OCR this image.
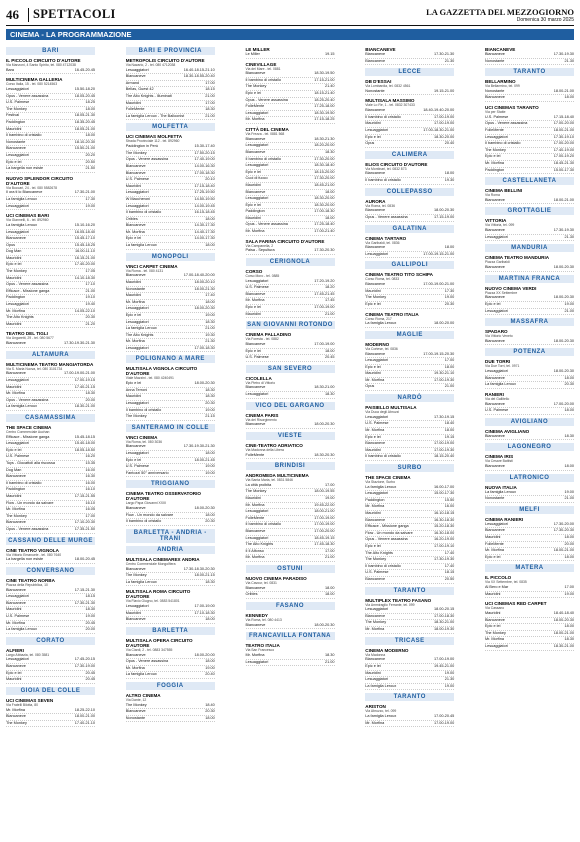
46 SPETTACOLI	LA GAZZETTA DEL MEZZOGIORNO
Domenica 30 marzo 2025
CINEMA - LA PROGRAMMAZIONE
BARI
IL PICCOLO CIRCUITO D'AUTORE
Via Manzoni, 4 Santo Spirito, tel. 080 4712038
Bara	16.45-20.45
MULTICINEMA GALLERIA
Corso Italia, 15 - tel. 080 5214563
Lesuaggiatori	15.50-18.20
Opus - Venere assassina	18.05-20.45
U.S. Palmese	18.25
The Monkey	18.00
Festival	18.05-21.30
Paddington	18.35-20.45
Mauridini	18.05-21.00
Il bambino di cristallo	18.00
Nonostante	18.10-20.30
Biancaneve	15.50-21.00
Lesuaggiatori	20.20
Epic e lei	20.50
La bargella non esiste	21.50
NUOVO SPLENDOR CIRCUITO D'AUTORE
Via Buccari, 24 - tel. 080 5582678
Il ora ti lo Biancaneve	17.30-21.00
La famiglia Leroux	17.30
Lesuaggiatori	19.00
UCI CINEMAS BARI
Via Giannelli, 6 - tel. 892960
La famiglia Leroux	15.10-16.20
Lesuaggiatori	16.05-18.40
Biancaneve	15.45-17.10
Opus	15.45-18.25
Dog Man	16.00-11.10
Mauridini	16.15-21.00
Epic e lei	17.40-20.00
The Monkey	17.05
Mauridini	14.10-18.30
Opus - Venere assassina	17.10
Efficace - Missione ganga	21.00
Paddington	19.10
Lesuaggiatori	19.40
Mr. Morfina	14.05-22.10
The Alto Knights	20.30
Mauridini	21.20
TEATRO DEL TIGLI
Via Ungaretti, 29 - tel. 080 5677
Biancaneve	17.30-19.30-21.30
ALTAMURA
MULTICINEMA TEATRO MANGIATORDA
Via S. Maria Nuova, tel. 080 3101734
Biancaneve	17.00-19.00-21.00
Lesuaggiatori	17.00-19.15
Mauridini	17.40-21.15
Mr. Morfina	18.30
Opus - Venere assassina	20.00
La famiglia Leroux	18.30-21.00
CASAMASSIMA
THE SPACE CINEMA
Centro Commerciale Auchan
Efficace - Missione ganga	15.45-18.15
Lesuaggiatori	15.40-18.00
Epic e lei	18.05-18.50
U.S. Palmese	16.20
Toys - Giocattoli alla riscossa	15.35
Dog Man	16.00
Biancaneve	16.30
Il bambino di cristallo	16.00
Paddington	16.10
Mauridini	17.15-21.55
Flow - Un mondo da salvare	16.10
Mr. Morfina	16.05
The Monkey	17.00
Biancaneve	17.10-20.30
Opus - Venere assassina	17.35-21.50
CASSANO DELLE MURGE
CINE TEATRO VIGNOLA
Via Vittorio Emanuele - tel. 080 7640
La bargella non esiste	18.00-20.45
CONVERSANO
CINE TEATRO NORBA
Piazza della Repubblica, 10
Biancaneve	17.15-21.30
Lesuaggiatori	18.15
Biancaneve	17.30-21.30
Mauridini	18.30
U.S. Palmese	19.00
Mr. Morfina	20.45
La famiglia Leroux	20.00
CORATO
ALFIERI
Largo Abbazia, tel. 080 3581
Lesuaggiatori	17.45-20.15
Biancaneve	17.30-19.00
Epic e lei	20.45
Mauridini	20.45
GIOIA DEL COLLE
UCI CINEMAS SEVEN
Via Fratelli Bilotta, 80
Mr. Morfina	18.25-22.10
Biancaneve	18.00-21.00
The Monkey	17.40-21.10
BARI E PROVINCIA
METROPOLIS CIRCUITO D'AUTORE
Via Nazario, 2 - tel. 080 4712038
Lesuaggiatori	16.40-18.15-21.10
Biancaneve	18.30-18.55-20.40
Armand	17.00
Bellas, Guest 42	18.15
The Alto Knights - Illuminati	21.00
Mauridini	17.00
FolleMente	18.30
La famiglia Leroux - The Balloonist	21.00
MOLFETTA
UCI CINEMAS MOLFETTA
Strada Provinciale 112 - tel. 892960
Paddington in Perù	15.30-17.40
The Monkey	17.50-20.15
Opus - Venere assassina	17.40-19.00
Biancaneve	14.00-16.30
Biancaneve	17.00-18.30
U.S. Palmese	20.10
Mauridini	17.15-18.40
Lesuaggiatori	17.25-19.50
W Maccheroni	14.50-19.50
Lesuaggiatori	14.00-19.45
Il bambino di cristallo	16.15-18.45
Oribles	18.00
Biancaneve	14.30-17.30
Mr. Morfina	14.40-17.30
Epic e lei	14.00-17.30
La famiglia Leroux	18.00
MONOPOLI
VINCI CARPET CINEMA
Via Roma - tel. 080 4131
Biancaneve	17.00-18.40-20.00
Mauridini	18.00-20.10
Nonostante	18.00-21.30
Mauridini	17.40
Mr. Morfina	18.00
Lesuaggiatori	18.00-20.30
Epic e lei	19.00
Lesuaggiatori	18.30
La famiglia Leroux	21.00
The Alto Knights	19.30
Mr. Morfina	21.30
Lesuaggiatori	17.00-18.30
POLIGNANO A MARE
MULTISALA VIGNOLA CIRCUITO D'AUTORE
Viale Mazzini - tel. 080 4240491
Epic e lei	18.00-20.30
Anna Terroni	18.30
Mauridini	18.30
Lesuaggiatori	20.30
Il bambino di cristallo	19.00
The Monkey	21.15
SANTERAMO IN COLLE
VINCI CINEMA
Via Roma, tel. 080 3036
Biancaneve	17.30-19.30-21.30
Lesuaggiatori	18.00
Epic e lei	18.00-21.45
U.S. Palmese	19.00
Fantozzi 50° anniversario	19.00
TRIGGIANO
CINEMA TEATRO OSSERVATORIO D'AUTORE
Largo Papa Giovanni XXIII
Biancaneve	18.00-20.30
Flow - Un mondo da salvare	18.00
Il bambino di cristallo	20.30
BARLETTA - ANDRIA - TRANI
ANDRIA
MULTISALA CINEMAREX ANDRIA
Centro Commerciale Mongolfiera
Biancaneve	17.30-18.30-20.30
The Monkey	18.00-21.15
La famiglia Leroux	18.30
MULTISALA ROMA CIRCUITO D'AUTORE
Via Flavio Giugno, tel. 0883 541801
Lesuaggiatori	17.00-19.00
Mauridini	17.10-18.30
Biancaneve	18.00
BARLETTA
MULTISALA OPERA CIRCUITO D'AUTORE
Via Ciardi, 2 - tel. 0883 347555
Biancaneve	18.00-20.00
Opus - Venere assassina	18.00
Mr. Morfina	19.00
La famiglia Leroux	20.40
FOGGIA
ALTRO CINEMA
Via Dante, 12
The Monkey	18.40
Biancaneve	20.30
Nonostante	18.00
LE MILLER
Le Miller	19.15
CINEVILLAGE
Via del Mare - tel. 0881
Biancaneve	18.30-19.50
Il bambino di cristallo	17.15-21.00
The Monkey	21.40
Epic e lei	18.15-21.40
Opus - Venere assassina	18.25-20.40
FolleMente	17.25-18.00
Lesuaggiatori	18.30-19.50
Mr. Morfina	17.15-18.25
CITTÀ DEL CINEMA
Via Frezza - tel. 0881 568
Biancaneve	18.30-21.30
Lesuaggiatori	18.20-20.00
Biancaneve	18.30
Il bambino di cristallo	17.30-20.00
Lesuaggiatori	18.30-18.40
Epic e lei	18.15-20.00
Cuoi di fuoco	17.30-20.00
Mauridini	18.45-21.00
Biancaneve	18.00
Lesuaggiatori	18.30-20.00
Epic e lei	18.30-20.00
Paddington	17.00-18.30
Mauridini	18.00
Opus - Venere assassina	17.25-18.40
Mr. Morfina	17.00-21.40
SALA FARINA CIRCUITO D'AUTORE
Via Campanella, 2
Paisa - Sepultura	17.30-20.30
CERIGNOLA
CORSO
Corso Moro - tel. 0885
Lesuaggiatori	17.20-19.20
U.S. Palmese	18.20
Biancaneve	17.45-21.45
Mr. Morfina	17.45
Epic e lei	17.00-19.00
Mauridini	21.00
SAN GIOVANNI ROTONDO
CINEMA PALLADINO
Via Foresta - tel. 0882
Biancaneve	17.00-19.00
Epic e lei	18.00
U.S. Palmese	20.45
SAN SEVERO
CICOLELLA
Via Pietro di Vittorio
Biancaneve	18.30-21.00
Lesuaggiatori	18.30
VICO DEL GARGANO
CINEMA PARIS
Via del Risorgimento
Biancaneve	18.00-20.30
VIESTE
CINE-TEATRO ADRIATICO
Via Madonna della Libera
FolleMente	18.30-20.30
BRINDISI
ANDROMEDA MULTICINEMA
Via Santa Maria, tel. 0831 5846
La città proibita	17.00
The Monkey	18.00-19.55
Mauridini	19.00
Mr. Morfina	19.45-22.00
Lesuaggiatori	18.00-21.00
FolleMente	17.00-19.00
Il bambino di cristallo	17.00-19.00
Biancaneve	17.00-20.00
Lesuaggiatori	18.45-19.15
The Alto Knights	17.45-18.30
Il Il Alfonso	17.00
Mr. Morfina	21.00
OSTUNI
NUOVO CINEMA PARADISO
Via Cavour, tel. 0831
Biancaneve	18.00
Oribles	18.00
FASANO
KENNEDY
Via Roma, tel. 080 4413
Biancaneve	18.00-20.30
FRANCAVILLA FONTANA
TEATRO ITALIA
Via San Francesco
Mr. Morfina	18.30
Lesuaggiatori	21.00
BIANCANEVE
Biancaneve	17.30-21.30
Biancaneve	21.30
LECCE
DB D'ESSAI
Via Lombardia, tel. 0832 4561
Nonostante	19.15-21.00
MULTISALA MASSIMO
Viale Lo Re, 1 - tel. 0832 307433
Biancaneve	18.40-19.40-20.00
Il bambino di cristallo	17.00-19.00
Mauridini	17.00-19.00
Lesuaggiatori	17.00-18.30-21.00
Epic e lei	18.30-20.00
Opus	20.40
CALIMERA
ELIOS CIRCUITO D'AUTORE
Via Montinari, tel. 0832 873
Biancaneve	18.00
Il bambino di cristallo	19.30
COLLEPASSO
AURORA
Via Roma, tel. 0836
Biancaneve	18.00-20.30
Opus - Venere assassina	17.15-19.00
GALATINA
CINEMA TARTARO
Via Garibaldi, tel. 0836
Biancaneve	18.00
Lesuaggiatori	17.00-19.15-21.00
GALLIPOLI
CINEMA TEATRO TITO SCHIPA
Corso Roma, tel. 0833
Biancaneve	17.00-19.00-21.00
Mauridini	17.30
The Monkey	19.00
Epic e lei	20.30
CINEMA TEATRO ITALIA
Corso Roma, 217
La famiglia Leroux	18.00-20.00
MAGLIE
MODERNO
Via Cortese, tel. 0836
Biancaneve	17.00-19.15-20.30
Lesuaggiatori	17.00
Epic e lei	18.00
Mauridini	19.30-21.10
Mr. Morfina	17.00-19.30
Opus	21.00
NARDÒ
PAISIELLO MULTISALA
Via Duca degli Abruzzi
Lesuaggiatori	17.30-19.15
U.S. Palmese	18.40
Mr. Morfina	18.00
Epic e lei	19.15
Biancaneve	17.00-19.00
Mauridini	17.00-19.30
Il bambino di cristallo	18.15-20.40
SURBO
THE SPACE CINEMA
Via Stazione, Surbo
La famiglia Leroux	16.00-17.00
Lesuaggiatori	15.00-17.30
Paddington	15.50
Mr. Morfina	16.00
Mauridini	16.10-18.15
Biancaneve	16.30-18.30
Efficace - Missione ganga	15.20-18.30
Flow - Un mondo da salvare	16.30-18.00
Opus - Venere assassina	16.20-19.00
Epic e lei	17.00-19.10
The Alto Knights	17.40
The Monkey	17.30-19.30
Il bambino di cristallo	17.40
U.S. Palmese	18.15
Biancaneve	20.50
TARANTO
MULTIPLEX TEATRO FASANO
Via Ammiraglio Ferrante, tel. 099
Lesuaggiatori	18.00-20.15
Biancaneve	17.00-18.30
The Monkey	18.30-21.00
Mr. Morfina	18.00-19.30
TRICASE
CINEMA MODERNO
Via Madonna
Biancaneve	17.00-19.00
Epic e lei	19.45-21.00
Mauridini	19.00
Lesuaggiatori	21.30
La famiglia Leroux	19.00
TARANTO
ARISTON
Via Abruzzo, tel. 099
La famiglia Leroux	17.00-20.45
Mr. Morfina	17.00-19.00
BIANCANEVE
Biancaneve	17.30-19.30
Nonostante	21.30
TARANTO
BELLARMINO
Via Bellarmino, tel. 099
Nonostante	18.00-21.00
Biancaneve	18.00
UCI CINEMAS TARANTO
Via per Statte
U.S. Palmese	17.15-18.40
Opus - Venere assassina	17.00-20.00
FolleMente	18.00-21.00
Lesuaggiatori	17.30-19.10
Il bambino di cristallo	17.00-20.00
The Monkey	17.40-19.00
Epic e lei	17.00-19.20
Mr. Morfina	18.45-21.30
Paddington	15.00-17.30
CASTELLANETA
CINEMA BELLINI
Via Roma
Biancaneve	18.00-21.00
GROTTAGLIE
VITTORIA
Via Vittoria, tel. 099
Biancaneve	17.30-19.30
Lesuaggiatori	21.30
MANDURIA
CINEMA TEATRO MANDURIA
Piazza Garibaldi
Biancaneve	18.00-20.30
MARTINA FRANCA
NUOVO CINEMA VERDI
Piazza XX Settembre
Biancaneve	18.00-20.30
Epic e lei	19.00
Lesuaggiatori	21.00
MASSAFRA
SPADARO
Via Vittorio Veneto
Biancaneve	18.00-20.30
POTENZA
DUE TORRI
Via Due Torri, tel. 0971
Lesuaggiatori	18.00-20.30
Biancaneve	18.00
La famiglia Leroux	20.30
RANIERI
Via del Gallitello
Biancaneve	17.00-20.00
U.S. Palmese	18.00
AVIGLIANO
CINEMA AVIGLIANO
Biancaneve	18.30
LAGONEGRO
CINEMA IRIS
Via Cesare Battisti
Biancaneve	18.00
LATRONICO
NUOVA ITALIA
La famiglia Leroux	19.00
Nonostante	21.00
MELFI
CINEMA RANIERI
Lesuaggiatori	17.30-20.00
Biancaneve	17.30-20.30
Mauridini	18.00
FolleMente	20.00
Mr. Morfina	18.00-21.00
Epic e lei	18.00
MATERA
IL PICCOLO
Via XX Settembre, tel. 0835
Al Bero e Mar	17.00
Mauridini	19.00
UCI CINEMAS RED CARPET
Via Cassano
Mauridini	18.40-18.40
Biancaneve	18.00-20.30
Epic e lei	18.00
The Monkey	18.00-21.00
Mr. Morfina	18.30
Lesuaggiatori	18.30-21.00
